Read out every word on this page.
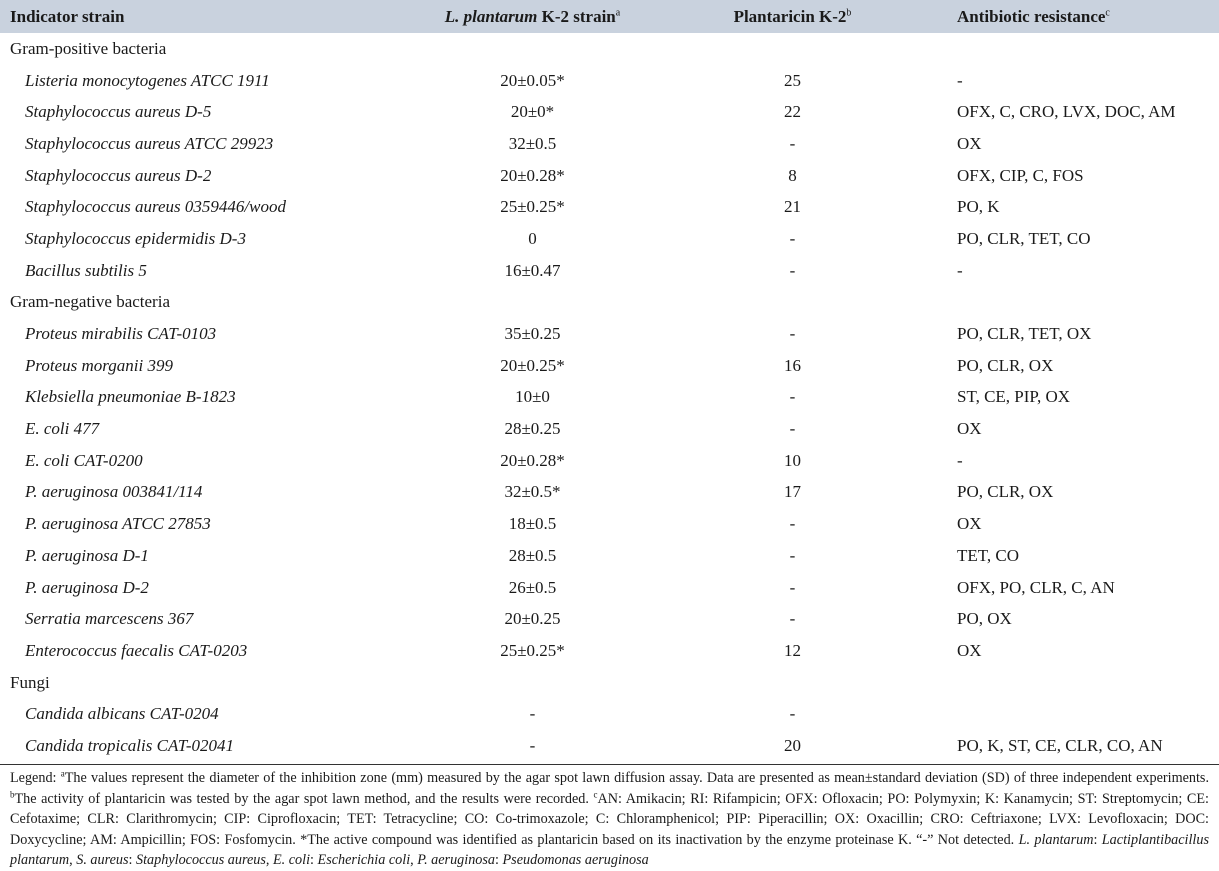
Indicator strain	L. plantarum K-2 strain$^a$	Plantaricin K-2$^b$	Antibiotic resistance$^c$
Gram-positive bacteria			
Listeria monocytogenes ATCC 1911	20±0.05*	25	-
Staphylococcus aureus D-5	20±0*	22	OFX, C, CRO, LVX, DOC, AM
Staphylococcus aureus ATCC 29923	32±0.5	-	OX
Staphylococcus aureus D-2	20±0.28*	8	OFX, CIP, C, FOS
Staphylococcus aureus 0359446/wood	25±0.25*	21	PO, K
Staphylococcus epidermidis D-3	0	-	PO, CLR, TET, CO
Bacillus subtilis 5	16±0.47	-	-
Gram-negative bacteria			
Proteus mirabilis CAT-0103	35±0.25	-	PO, CLR, TET, OX
Proteus morganii 399	20±0.25*	16	PO, CLR, OX
Klebsiella pneumoniae B-1823	10±0	-	ST, CE, PIP, OX
E. coli 477	28±0.25	-	OX
E. coli CAT-0200	20±0.28*	10	-
P. aeruginosa 003841/114	32±0.5*	17	PO, CLR, OX
P. aeruginosa ATCC 27853	18±0.5	-	OX
P. aeruginosa D-1	28±0.5	-	TET, CO
P. aeruginosa D-2	26±0.5	-	OFX, PO, CLR, C, AN
Serratia marcescens 367	20±0.25	-	PO, OX
Enterococcus faecalis CAT-0203	25±0.25*	12	OX
Fungi			
Candida albicans CAT-0204	-	-	
Candida tropicalis CAT-02041	-	20	PO, K, ST, CE, CLR, CO, AN
Legend: $^a$The values represent the diameter of the inhibition zone (mm) measured by the agar spot lawn diffusion assay. Data are presented as mean±standard deviation (SD) of three independent experiments. $^b$The activity of plantaricin was tested by the agar spot lawn method, and the results were recorded. $^c$AN: Amikacin; RI: Rifampicin; OFX: Ofloxacin; PO: Polymyxin; K: Kanamycin; ST: Streptomycin; CE: Cefotaxime; CLR: Clarithromycin; CIP: Ciprofloxacin; TET: Tetracycline; CO: Co-trimoxazole; C: Chloramphenicol; PIP: Piperacillin; OX: Oxacillin; CRO: Ceftriaxone; LVX: Levofloxacin; DOC: Doxycycline; AM: Ampicillin; FOS: Fosfomycin. *The active compound was identified as plantaricin based on its inactivation by the enzyme proteinase K. “-” Not detected. L. plantarum: Lactiplantibacillus plantarum, S. aureus: Staphylococcus aureus, E. coli: Escherichia coli, P. aeruginosa: Pseudomonas aeruginosa
